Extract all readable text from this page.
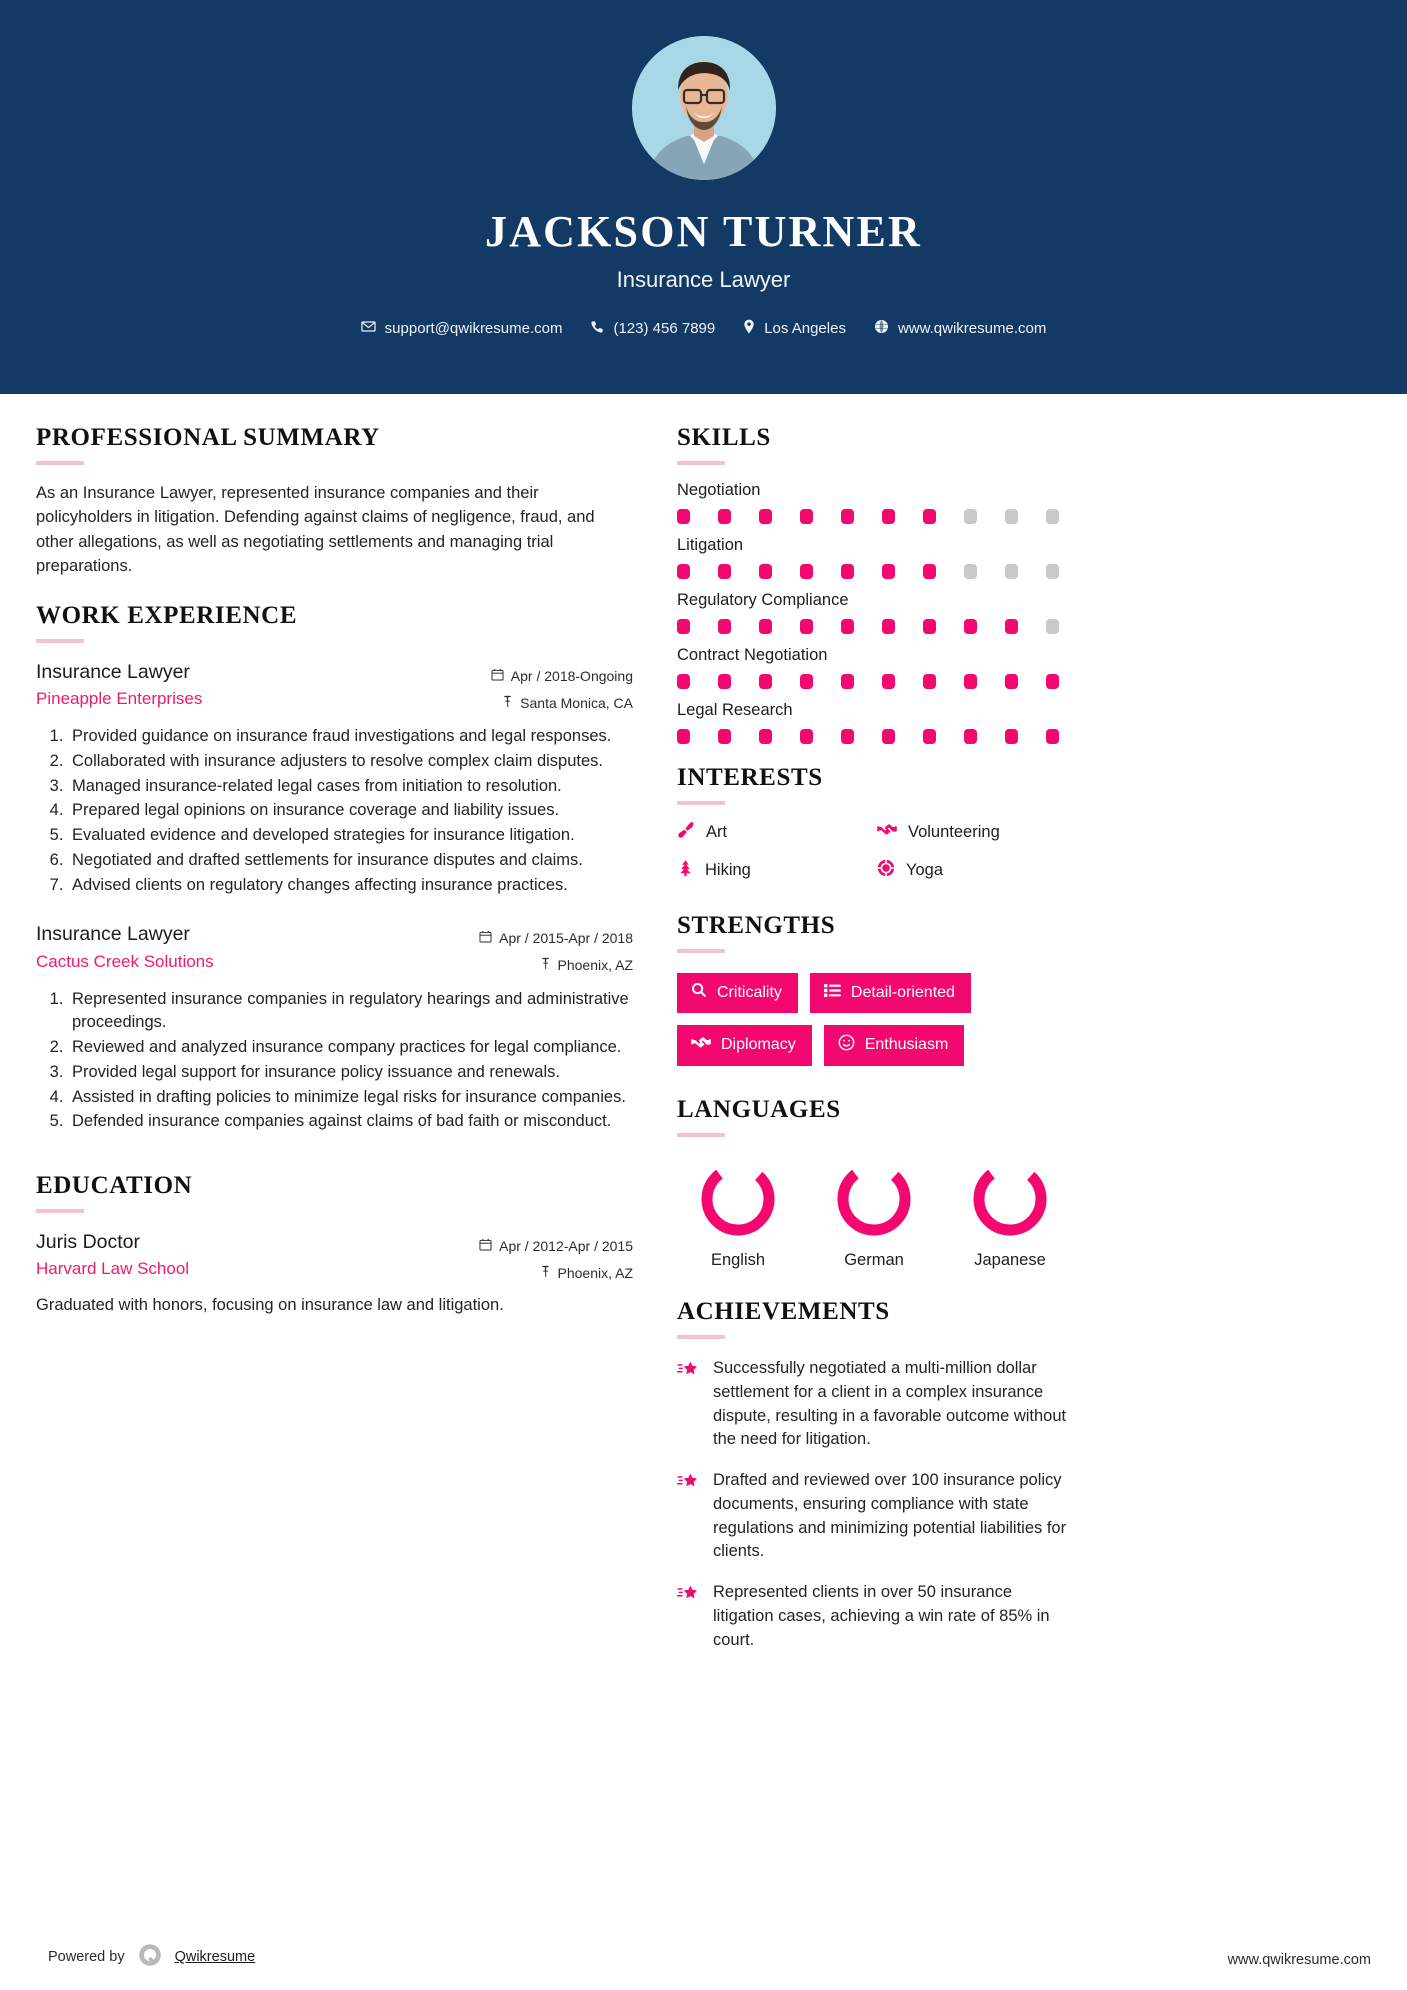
JACKSON TURNER
Insurance Lawyer
support@qwikresume.com	(123) 456 7899	Los Angeles	www.qwikresume.com
PROFESSIONAL SUMMARY
As an Insurance Lawyer, represented insurance companies and their policyholders in litigation. Defending against claims of negligence, fraud, and other allegations, as well as negotiating settlements and managing trial preparations.
WORK EXPERIENCE
Insurance Lawyer
Pineapple Enterprises
Apr / 2018-Ongoing
Santa Monica, CA
1. Provided guidance on insurance fraud investigations and legal responses.
2. Collaborated with insurance adjusters to resolve complex claim disputes.
3. Managed insurance-related legal cases from initiation to resolution.
4. Prepared legal opinions on insurance coverage and liability issues.
5. Evaluated evidence and developed strategies for insurance litigation.
6. Negotiated and drafted settlements for insurance disputes and claims.
7. Advised clients on regulatory changes affecting insurance practices.
Insurance Lawyer
Cactus Creek Solutions
Apr / 2015-Apr / 2018
Phoenix, AZ
1. Represented insurance companies in regulatory hearings and administrative proceedings.
2. Reviewed and analyzed insurance company practices for legal compliance.
3. Provided legal support for insurance policy issuance and renewals.
4. Assisted in drafting policies to minimize legal risks for insurance companies.
5. Defended insurance companies against claims of bad faith or misconduct.
EDUCATION
Juris Doctor
Harvard Law School
Apr / 2012-Apr / 2015
Phoenix, AZ
Graduated with honors, focusing on insurance law and litigation.
SKILLS
Negotiation
Litigation
Regulatory Compliance
Contract Negotiation
Legal Research
INTERESTS
Art	Volunteering
Hiking	Yoga
STRENGTHS
Criticality	Detail-oriented
Diplomacy	Enthusiasm
LANGUAGES
English	German	Japanese
ACHIEVEMENTS
Successfully negotiated a multi-million dollar settlement for a client in a complex insurance dispute, resulting in a favorable outcome without the need for litigation.
Drafted and reviewed over 100 insurance policy documents, ensuring compliance with state regulations and minimizing potential liabilities for clients.
Represented clients in over 50 insurance litigation cases, achieving a win rate of 85% in court.
Powered by	Qwikresume	www.qwikresume.com
